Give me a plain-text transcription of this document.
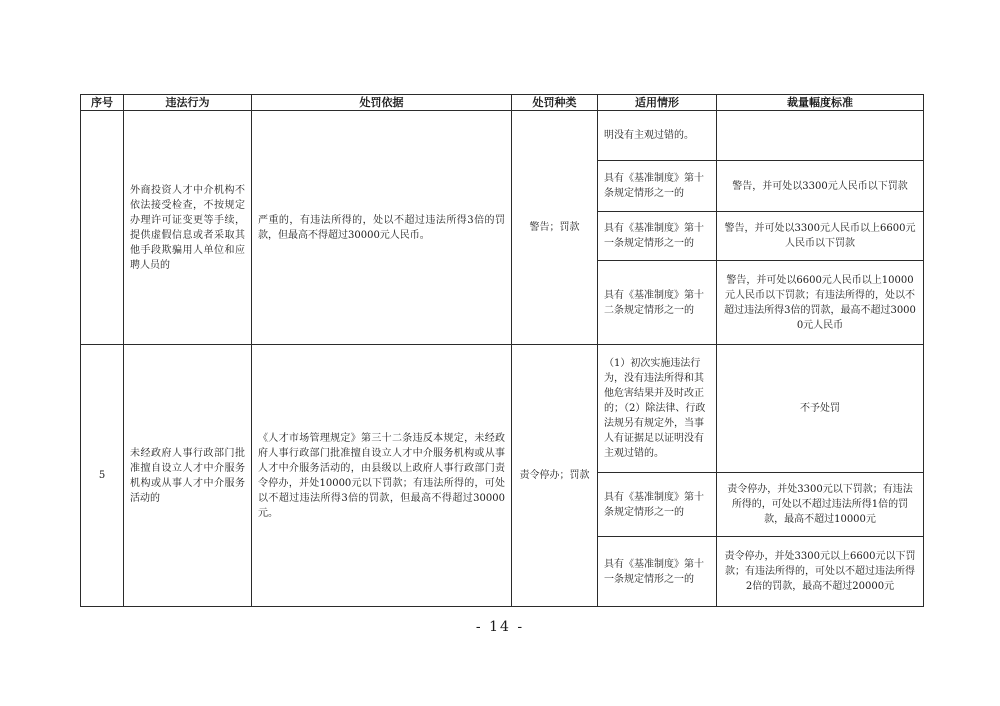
序号	违法行为	处罚依据	处罚种类	适用情形	裁量幅度标准
	外商投资人才中介机构不依法接受检查，不按规定办理许可证变更等手续，提供虚假信息或者采取其他手段欺骗用人单位和应聘人员的	严重的，有违法所得的，处以不超过违法所得3倍的罚款，但最高不得超过30000元人民币。	警告；罚款	明没有主观过错的。	
				具有《基准制度》第十条规定情形之一的	警告，并可处以3300元人民币以下罚款
				具有《基准制度》第十一条规定情形之一的	警告，并可处以3300元人民币以上6600元人民币以下罚款
				具有《基准制度》第十二条规定情形之一的	警告，并可处以6600元人民币以上10000元人民币以下罚款；有违法所得的，处以不超过违法所得3倍的罚款，最高不超过30000元人民币
5	未经政府人事行政部门批准擅自设立人才中介服务机构或从事人才中介服务活动的	《人才市场管理规定》第三十二条违反本规定，未经政府人事行政部门批准擅自设立人才中介服务机构或从事人才中介服务活动的，由县级以上政府人事行政部门责令停办，并处10000元以下罚款；有违法所得的，可处以不超过违法所得3倍的罚款，但最高不得超过30000元。	责令停办；罚款	（1）初次实施违法行为，没有违法所得和其他危害结果并及时改正的；（2）除法律、行政法规另有规定外，当事人有证据足以证明没有主观过错的。	不予处罚
				具有《基准制度》第十条规定情形之一的	责令停办，并处3300元以下罚款；有违法所得的，可处以不超过违法所得1倍的罚款，最高不超过10000元
				具有《基准制度》第十一条规定情形之一的	责令停办，并处3300元以上6600元以下罚款；有违法所得的，可处以不超过违法所得2倍的罚款，最高不超过20000元
- 14 -
